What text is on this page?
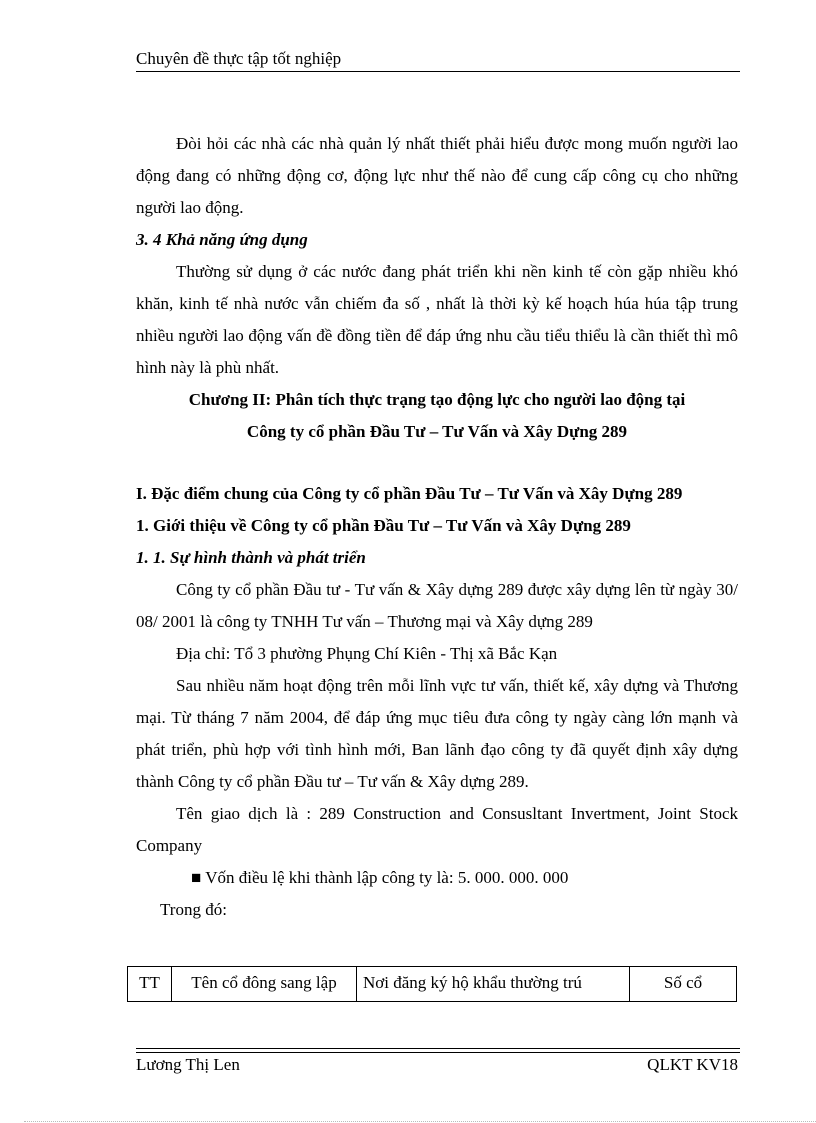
Chuyên đề thực tập tốt nghiệp

Đòi hỏi các nhà các nhà quản lý nhất thiết phải hiểu được mong muốn người lao động đang có những động cơ, động lực như thế nào để cung cấp công cụ cho những người lao động.

3. 4 Khả năng ứng dụng

Thường sử dụng ở các nước đang phát triển khi nền kinh tế còn gặp nhiều khó khăn, kinh tế nhà nước vẫn chiếm đa số , nhất là thời kỳ kế hoạch húa húa tập trung nhiều người lao động vấn đề đồng tiền để đáp ứng nhu cầu tiểu thiểu là cần thiết thì mô hình này là phù nhất.

Chương II: Phân tích thực trạng tạo động lực cho người lao động tại

Công ty cổ phần Đầu Tư – Tư Vấn và Xây Dựng 289

I. Đặc điểm chung của Công ty cổ phần Đầu Tư – Tư Vấn và Xây Dựng 289

1. Giới thiệu về Công ty cổ phần Đầu Tư – Tư Vấn và Xây Dựng 289

1. 1. Sự hình thành và phát triển

Công ty cổ phần Đầu tư - Tư vấn & Xây dựng 289 được xây dựng lên từ ngày 30/ 08/ 2001 là công ty TNHH Tư vấn – Thương mại và Xây dựng 289

Địa chỉ: Tổ 3 phường Phụng Chí Kiên - Thị xã Bắc Kạn

Sau nhiều năm hoạt động trên mỗi lĩnh vực tư vấn, thiết kế, xây dựng và Thương mại. Từ tháng 7 năm 2004, để đáp ứng mục tiêu đưa công ty ngày càng lớn mạnh và phát triển, phù hợp với tình hình mới, Ban lãnh đạo công ty đã quyết định xây dựng thành Công ty cổ phần Đầu tư – Tư vấn & Xây dựng 289.

Tên giao dịch là : 289 Construction and Consusltant Invertment, Joint Stock Company

■ Vốn điều lệ khi thành lập công ty là: 5. 000. 000. 000

Trong đó:

TT	Tên cổ đông sang lập	Nơi đăng ký hộ khẩu thường trú	Số cổ
Lương Thị Len	QLKT KV18
